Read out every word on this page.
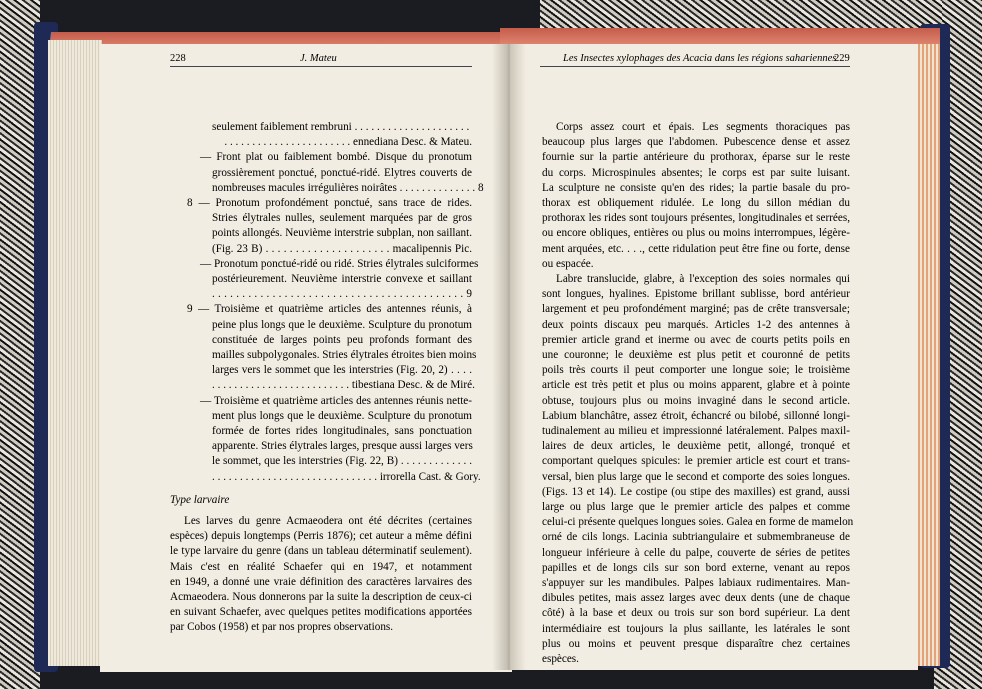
228	J. Mateu
seulement faiblement rembruni . . . . . . . . . . . . . . . . . . . . .
. . . . . . . . . . . . . . . . . . . . . . . ennediana Desc. & Mateu.
— Front plat ou faiblement bombé. Disque du pronotum
grossièrement ponctué, ponctué-ridé. Elytres couverts de
nombreuses macules irrégulières noirâtes . . . . . . . . . . . . . . 8
8 — Pronotum profondément ponctué, sans trace de rides.
Stries élytrales nulles, seulement marquées par de gros
points allongés. Neuvième interstrie subplan, non saillant.
(Fig. 23 B) . . . . . . . . . . . . . . . . . . . . . macalipennis Pic.
— Pronotum ponctué-ridé ou ridé. Stries élytrales sulciformes
postérieurement. Neuvième interstrie convexe et saillant
. . . . . . . . . . . . . . . . . . . . . . . . . . . . . . . . . . . . . . . . . . 9
9 — Troisième et quatrième articles des antennes réunis, à
peine plus longs que le deuxième. Sculpture du pronotum
constituée de larges points peu profonds formant des
mailles subpolygonales. Stries élytrales étroites bien moins
larges vers le sommet que les interstries (Fig. 20, 2) . . . .
. . . . . . . . . . . . . . . . . . . . . . . . . tibestiana Desc. & de Miré.
— Troisième et quatrième articles des antennes réunis nette-
ment plus longs que le deuxième. Sculpture du pronotum
formée de fortes rides longitudinales, sans ponctuation
apparente. Stries élytrales larges, presque aussi larges vers
le sommet, que les interstries (Fig. 22, B) . . . . . . . . . . . . .
. . . . . . . . . . . . . . . . . . . . . . . . . . . . . . irrorella Cast. & Gory.
Type larvaire
Les larves du genre Acmaeodera ont été décrites (certaines
espèces) depuis longtemps (Perris 1876); cet auteur a même défini
le type larvaire du genre (dans un tableau déterminatif seulement).
Mais c'est en réalité Schaefer qui en 1947, et notamment
en 1949, a donné une vraie définition des caractères larvaires des
Acmaeodera. Nous donnerons par la suite la description de ceux-ci
en suivant Schaefer, avec quelques petites modifications apportées
par Cobos (1958) et par nos propres observations.
Les Insectes xylophages des Acacia dans les régions sahariennes
229
Corps assez court et épais. Les segments thoraciques pas
beaucoup plus larges que l'abdomen. Pubescence dense et assez
fournie sur la partie antérieure du prothorax, éparse sur le reste
du corps. Microspinules absentes; le corps est par suite luisant.
La sculpture ne consiste qu'en des rides; la partie basale du pro-
thorax est obliquement ridulée. Le long du sillon médian du
prothorax les rides sont toujours présentes, longitudinales et serrées,
ou encore obliques, entières ou plus ou moins interrompues, légère-
ment arquées, etc. . . ., cette ridulation peut être fine ou forte, dense
ou espacée.
Labre translucide, glabre, à l'exception des soies normales qui
sont longues, hyalines. Epistome brillant sublisse, bord antérieur
largement et peu profondément marginé; pas de crête transversale;
deux points discaux peu marqués. Articles 1-2 des antennes à
premier article grand et inerme ou avec de courts petits poils en
une couronne; le deuxième est plus petit et couronné de petits
poils très courts il peut comporter une longue soie; le troisième
article est très petit et plus ou moins apparent, glabre et à pointe
obtuse, toujours plus ou moins invaginé dans le second article.
Labium blanchâtre, assez étroit, échancré ou bilobé, sillonné longi-
tudinalement au milieu et impressionné latéralement. Palpes maxil-
laires de deux articles, le deuxième petit, allongé, tronqué et
comportant quelques spicules: le premier article est court et trans-
versal, bien plus large que le second et comporte des soies longues.
(Figs. 13 et 14). Le costipe (ou stipe des maxilles) est grand, aussi
large ou plus large que le premier article des palpes et comme
celui-ci présente quelques longues soies. Galea en forme de mamelon
orné de cils longs. Lacinia subtriangulaire et submembraneuse de
longueur inférieure à celle du palpe, couverte de séries de petites
papilles et de longs cils sur son bord externe, venant au repos
s'appuyer sur les mandibules. Palpes labiaux rudimentaires. Man-
dibules petites, mais assez larges avec deux dents (une de chaque
côté) à la base et deux ou trois sur son bord supérieur. La dent
intermédiaire est toujours la plus saillante, les latérales le sont
plus ou moins et peuvent presque disparaître chez certaines
espèces.
